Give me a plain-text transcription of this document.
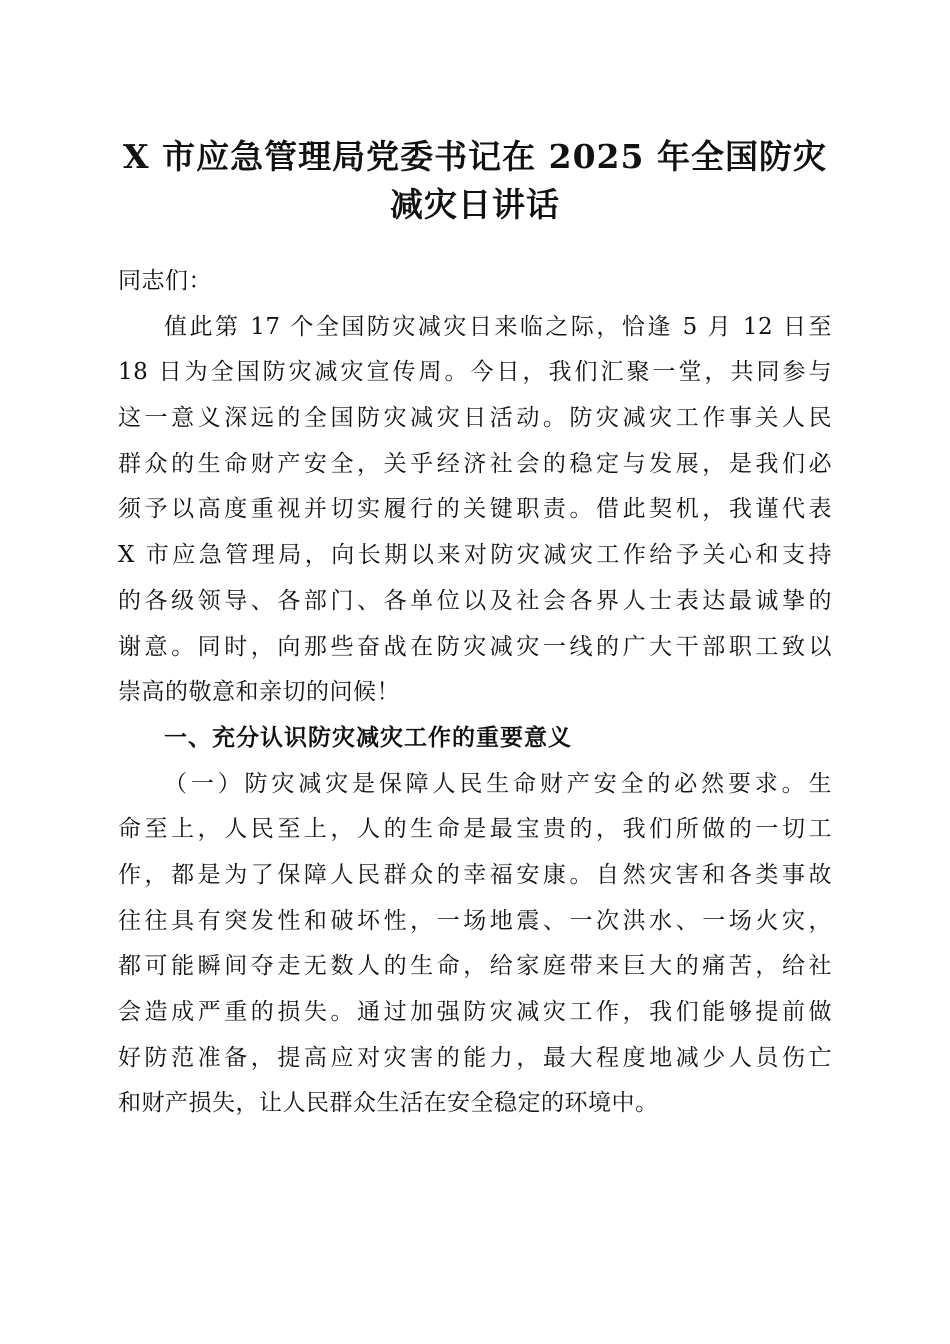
X 市应急管理局党委书记在 2025 年全国防灾
减灾日讲话
同志们：
值此第 17 个全国防灾减灾日来临之际，恰逢 5 月 12 日至
18 日为全国防灾减灾宣传周。今日，我们汇聚一堂，共同参与
这一意义深远的全国防灾减灾日活动。防灾减灾工作事关人民
群众的生命财产安全，关乎经济社会的稳定与发展，是我们必
须予以高度重视并切实履行的关键职责。借此契机，我谨代表
X 市应急管理局，向长期以来对防灾减灾工作给予关心和支持
的各级领导、各部门、各单位以及社会各界人士表达最诚挚的
谢意。同时，向那些奋战在防灾减灾一线的广大干部职工致以
崇高的敬意和亲切的问候！
一、充分认识防灾减灾工作的重要意义
（一）防灾减灾是保障人民生命财产安全的必然要求。生
命至上，人民至上，人的生命是最宝贵的，我们所做的一切工
作，都是为了保障人民群众的幸福安康。自然灾害和各类事故
往往具有突发性和破坏性，一场地震、一次洪水、一场火灾，
都可能瞬间夺走无数人的生命，给家庭带来巨大的痛苦，给社
会造成严重的损失。通过加强防灾减灾工作，我们能够提前做
好防范准备，提高应对灾害的能力，最大程度地减少人员伤亡
和财产损失，让人民群众生活在安全稳定的环境中。
